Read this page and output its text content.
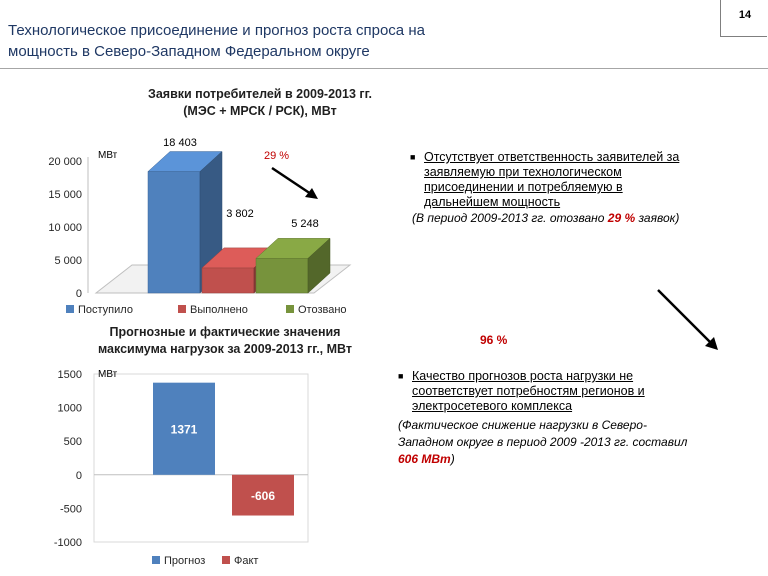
Технологическое присоединение и прогноз роста спроса на
мощность в Северо-Западном Федеральном округе
14
Заявки потребителей в 2009-2013 гг.
(МЭС + МРСК / РСК), МВт
0
5 000
10 000
15 000
20 000
18 403
3 802
5 248
Поступило	Выполнено	Отозвано
МВт	29 %
Прогнозные и фактические значения
максимума нагрузок за 2009-2013 гг., МВт
-1000
-500
0
500
1000
1500
1371
-606
Прогноз	Факт
МВт
■ Отсутствует ответственность заявителей за
заявляемую при технологическом
присоединении и потребляемую в
дальнейшем мощность
(В период 2009-2013 гг. отозвано 29 % заявок)
96 %
■ Качество прогнозов роста нагрузки не
соответствует потребностям регионов и
электросетевого комплекса
(Фактическое снижение нагрузки в Северо-
Западном округе в период 2009 -2013 гг. составил
606 МВт)
